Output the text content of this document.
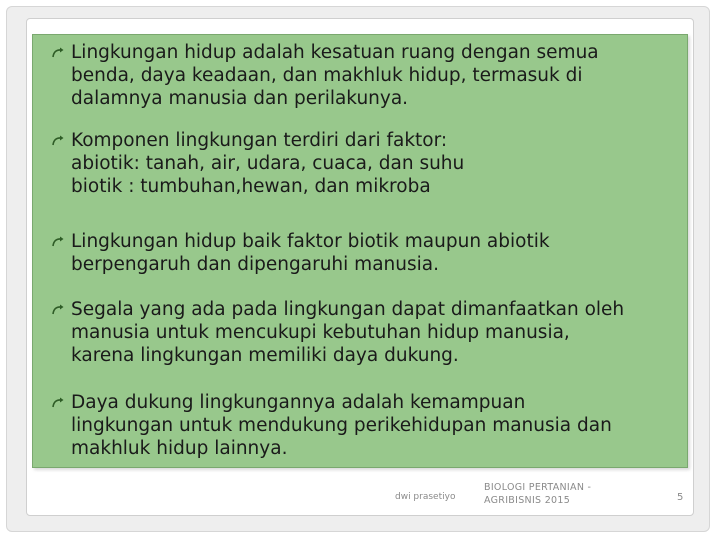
Lingkungan hidup adalah kesatuan ruang dengan semua
benda, daya keadaan, dan makhluk hidup, termasuk di
dalamnya manusia dan perilakunya.
Komponen lingkungan terdiri dari faktor:
abiotik: tanah, air, udara, cuaca, dan suhu
biotik : tumbuhan,hewan, dan mikroba
Lingkungan hidup baik faktor biotik maupun abiotik
berpengaruh dan dipengaruhi manusia.
Segala yang ada pada lingkungan dapat dimanfaatkan oleh
manusia untuk mencukupi kebutuhan hidup manusia,
karena lingkungan memiliki daya dukung.
Daya dukung lingkungannya adalah kemampuan
lingkungan untuk mendukung perikehidupan manusia dan
makhluk hidup lainnya.
dwi prasetiyo
BIOLOGI PERTANIAN -
AGRIBISNIS 2015	5
